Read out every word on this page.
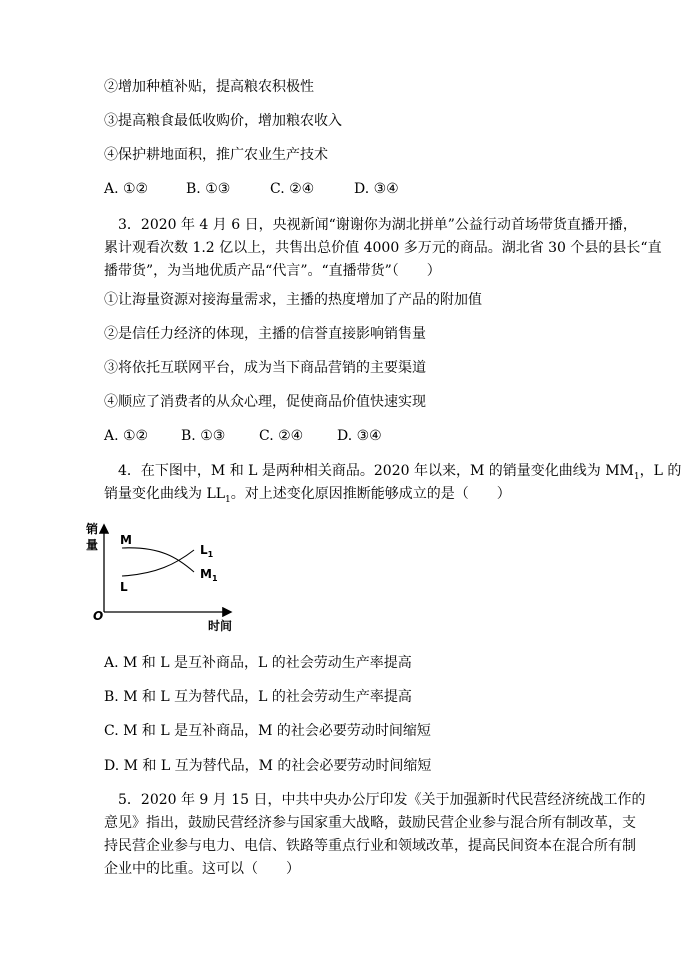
②增加种植补贴，提高粮农积极性
③提高粮食最低收购价，增加粮农收入
④保护耕地面积，推广农业生产技术
A. ①②	B. ①③	C. ②④	D. ③④
3．2020 年 4 月 6 日，央视新闻“谢谢你为湖北拼单”公益行动首场带货直播开播，
累计观看次数 1.2 亿以上，共售出总价值 4000 多万元的商品。湖北省 30 个县的县长“直
播带货”，为当地优质产品“代言”。“直播带货”（　　）
①让海量资源对接海量需求，主播的热度增加了产品的附加值
②是信任力经济的体现，主播的信誉直接影响销售量
③将依托互联网平台，成为当下商品营销的主要渠道
④顺应了消费者的从众心理，促使商品价值快速实现
A. ①② B. ①③ C. ②④ D. ③④
4．在下图中，M 和 L 是两种相关商品。2020 年以来，M 的销量变化曲线为 $MM_1$，L 的
销量变化曲线为 $LL_1$。对上述变化原因推断能够成立的是（　　）
销
量
时间
O
M
L
$L_1$
$M_1$
A. M 和 L 是互补商品，L 的社会劳动生产率提高
B. M 和 L 互为替代品，L 的社会劳动生产率提高
C. M 和 L 是互补商品，M 的社会必要劳动时间缩短
D. M 和 L 互为替代品，M 的社会必要劳动时间缩短
5．2020 年 9 月 15 日，中共中央办公厅印发《关于加强新时代民营经济统战工作的
意见》指出，鼓励民营经济参与国家重大战略，鼓励民营企业参与混合所有制改革，支
持民营企业参与电力、电信、铁路等重点行业和领域改革，提高民间资本在混合所有制
企业中的比重。这可以（　　）
